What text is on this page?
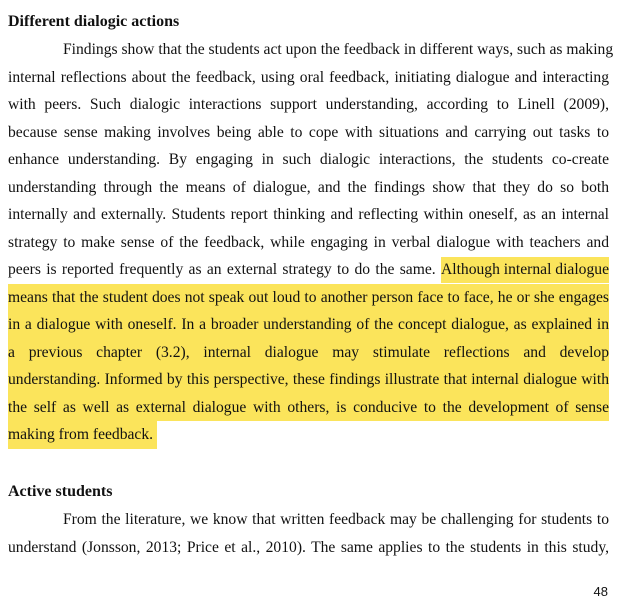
Different dialogic actions
Findings show that the students act upon the feedback in different ways, such as making
internal reflections about the feedback, using oral feedback, initiating dialogue and interacting
with peers. Such dialogic interactions support understanding, according to Linell (2009),
because sense making involves being able to cope with situations and carrying out tasks to
enhance understanding. By engaging in such dialogic interactions, the students co-create
understanding through the means of dialogue, and the findings show that they do so both
internally and externally. Students report thinking and reflecting within oneself, as an internal
strategy to make sense of the feedback, while engaging in verbal dialogue with teachers and
peers is reported frequently as an external strategy to do the same. Although internal dialogue
means that the student does not speak out loud to another person face to face, he or she engages
in a dialogue with oneself. In a broader understanding of the concept dialogue, as explained in
a previous chapter (3.2), internal dialogue may stimulate reflections and develop
understanding. Informed by this perspective, these findings illustrate that internal dialogue with
the self as well as external dialogue with others, is conducive to the development of sense
making from feedback.
Active students
From the literature, we know that written feedback may be challenging for students to
understand (Jonsson, 2013; Price et al., 2010). The same applies to the students in this study,
48
